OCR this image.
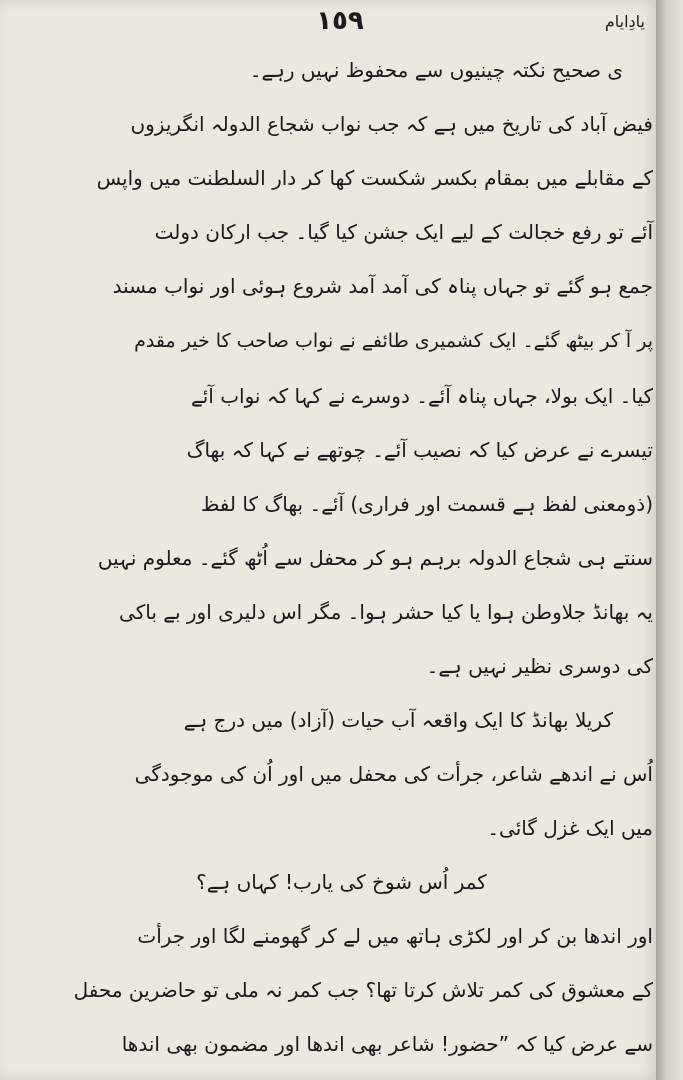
١٥٩	یادِایام
ی صحیح نکتہ چینیوں سے محفوظ نہیں رہے۔
فیض آباد کی تاریخ میں ہے کہ جب نواب شجاع الدولہ انگریزوں
کے مقابلے میں بمقام بکسر شکست کھا کر دار السلطنت میں واپس
آئے تو رفع خجالت کے لیے ایک جشن کیا گیا۔ جب ارکان دولت
جمع ہو گئے تو جہاں پناہ کی آمد آمد شروع ہوئی اور نواب مسند
پر آ کر بیٹھ گئے۔ ایک کشمیری طائفے نے نواب صاحب کا خیر مقدم
کیا۔ ایک بولا، جہاں پناہ آئے۔ دوسرے نے کہا کہ نواب آئے
تیسرے نے عرض کیا کہ نصیب آئے۔ چوتھے نے کہا کہ بھاگ
(ذومعنی لفظ ہے قسمت اور فراری) آئے۔ بھاگ کا لفظ
سنتے ہی شجاع الدولہ برہم ہو کر محفل سے اُٹھ گئے۔ معلوم نہیں
یہ بھانڈ جلاوطن ہوا یا کیا حشر ہوا۔ مگر اس دلیری اور بے باکی
کی دوسری نظیر نہیں ہے۔
کریلا بھانڈ کا ایک واقعہ آب حیات (آزاد) میں درج ہے
اُس نے اندھے شاعر، جرأت کی محفل میں اور اُن کی موجودگی
میں ایک غزل گائی۔
کمر اُس شوخ کی یارب! کہاں ہے؟
اور اندھا بن کر اور لکڑی ہاتھ میں لے کر گھومنے لگا اور جرأت
کے معشوق کی کمر تلاش کرتا تھا؟ جب کمر نہ ملی تو حاضرین محفل
سے عرض کیا کہ ”حضور! شاعر بھی اندھا اور مضمون بھی اندھا
